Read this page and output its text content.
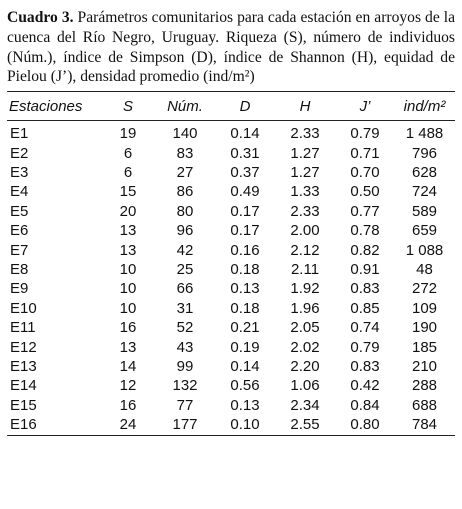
Cuadro 3. Parámetros comunitarios para cada estación en arroyos de la cuenca del Río Negro, Uruguay. Riqueza (S), número de individuos (Núm.), índice de Simpson (D), índice de Shannon (H), equidad de Pielou (J’), densidad promedio (ind/m²)
Estaciones	S	Núm.	D	H	J’	ind/m²
E1	19	140	0.14	2.33	0.79	1 488
E2	6	83	0.31	1.27	0.71	796
E3	6	27	0.37	1.27	0.70	628
E4	15	86	0.49	1.33	0.50	724
E5	20	80	0.17	2.33	0.77	589
E6	13	96	0.17	2.00	0.78	659
E7	13	42	0.16	2.12	0.82	1 088
E8	10	25	0.18	2.11	0.91	48
E9	10	66	0.13	1.92	0.83	272
E10	10	31	0.18	1.96	0.85	109
E11	16	52	0.21	2.05	0.74	190
E12	13	43	0.19	2.02	0.79	185
E13	14	99	0.14	2.20	0.83	210
E14	12	132	0.56	1.06	0.42	288
E15	16	77	0.13	2.34	0.84	688
E16	24	177	0.10	2.55	0.80	784
